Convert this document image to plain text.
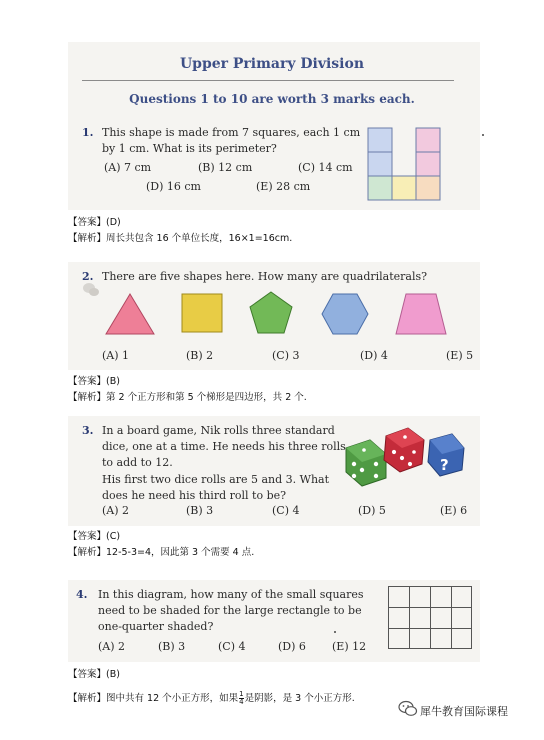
Upper Primary Division
Questions 1 to 10 are worth 3 marks each.
1. This shape is made from 7 squares, each 1 cm
by 1 cm. What is its perimeter?
(A) 7 cm	(B) 12 cm	(C) 14 cm
(D) 16 cm	(E) 28 cm
【答案】(D)
【解析】周长共包含 16 个单位长度，16×1=16cm.
2. There are five shapes here. How many are quadrilaterals?
(A) 1	(B) 2	(C) 3	(D) 4	(E) 5
【答案】(B)
【解析】第 2 个正方形和第 5 个梯形是四边形，共 2 个.
3. In a board game, Nik rolls three standard
dice, one at a time. He needs his three rolls
to add to 12.
His first two dice rolls are 5 and 3. What
does he need his third roll to be?
?
(A) 2	(B) 3	(C) 4	(D) 5	(E) 6
【答案】(C)
【解析】12-5-3=4，因此第 3 个需要 4 点.
4. In this diagram, how many of the small squares
need to be shaded for the large rectangle to be
one-quarter shaded?
(A) 2	(B) 3	(C) 4	(D) 6 (E) 12
【答案】(B)
【解析】图中共有 12 个小正方形，如果 $\frac{1}{4}$ 是阴影，是 3 个小正方形.
犀牛教育国际课程
